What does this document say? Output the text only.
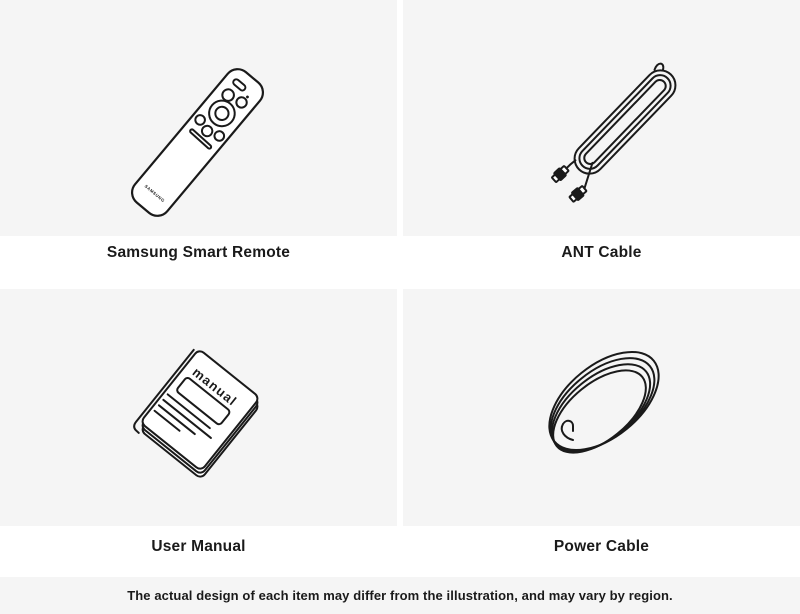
SAMSUNG
Samsung Smart Remote	ANT Cable
manual
User Manual	Power Cable
The actual design of each item may differ from the illustration, and may vary by region.
